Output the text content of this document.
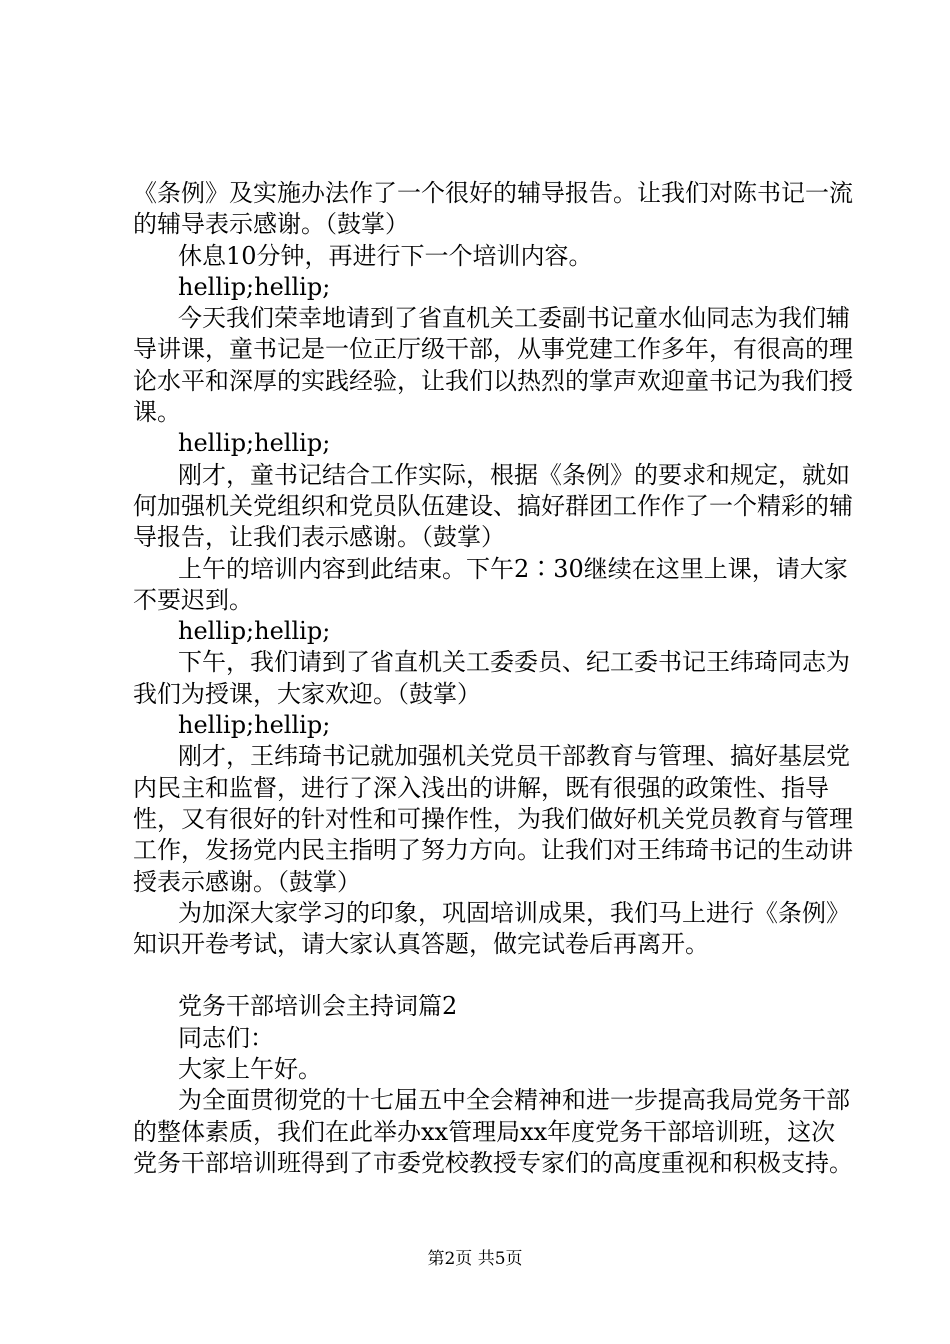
《条例》及实施办法作了一个很好的辅导报告。让我们对陈书记一流的辅导表示感谢。（鼓掌）

休息10分钟，再进行下一个培训内容。

hellip;hellip;

今天我们荣幸地请到了省直机关工委副书记童水仙同志为我们辅导讲课，童书记是一位正厅级干部，从事党建工作多年，有很高的理论水平和深厚的实践经验，让我们以热烈的掌声欢迎童书记为我们授课。

hellip;hellip;

刚才，童书记结合工作实际，根据《条例》的要求和规定，就如何加强机关党组织和党员队伍建设、搞好群团工作作了一个精彩的辅导报告，让我们表示感谢。（鼓掌）

上午的培训内容到此结束。下午2∶30继续在这里上课，请大家不要迟到。

hellip;hellip;

下午，我们请到了省直机关工委委员、纪工委书记王纬琦同志为我们为授课，大家欢迎。（鼓掌）

hellip;hellip;

刚才，王纬琦书记就加强机关党员干部教育与管理、搞好基层党内民主和监督，进行了深入浅出的讲解，既有很强的政策性、指导性，又有很好的针对性和可操作性，为我们做好机关党员教育与管理工作，发扬党内民主指明了努力方向。让我们对王纬琦书记的生动讲授表示感谢。（鼓掌）

为加深大家学习的印象，巩固培训成果，我们马上进行《条例》知识开卷考试，请大家认真答题，做完试卷后再离开。

党务干部培训会主持词篇2

同志们：

大家上午好。

为全面贯彻党的十七届五中全会精神和进一步提高我局党务干部的整体素质，我们在此举办xx管理局xx年度党务干部培训班，这次党务干部培训班得到了市委党校教授专家们的高度重视和积极支持。

第2页 共5页
